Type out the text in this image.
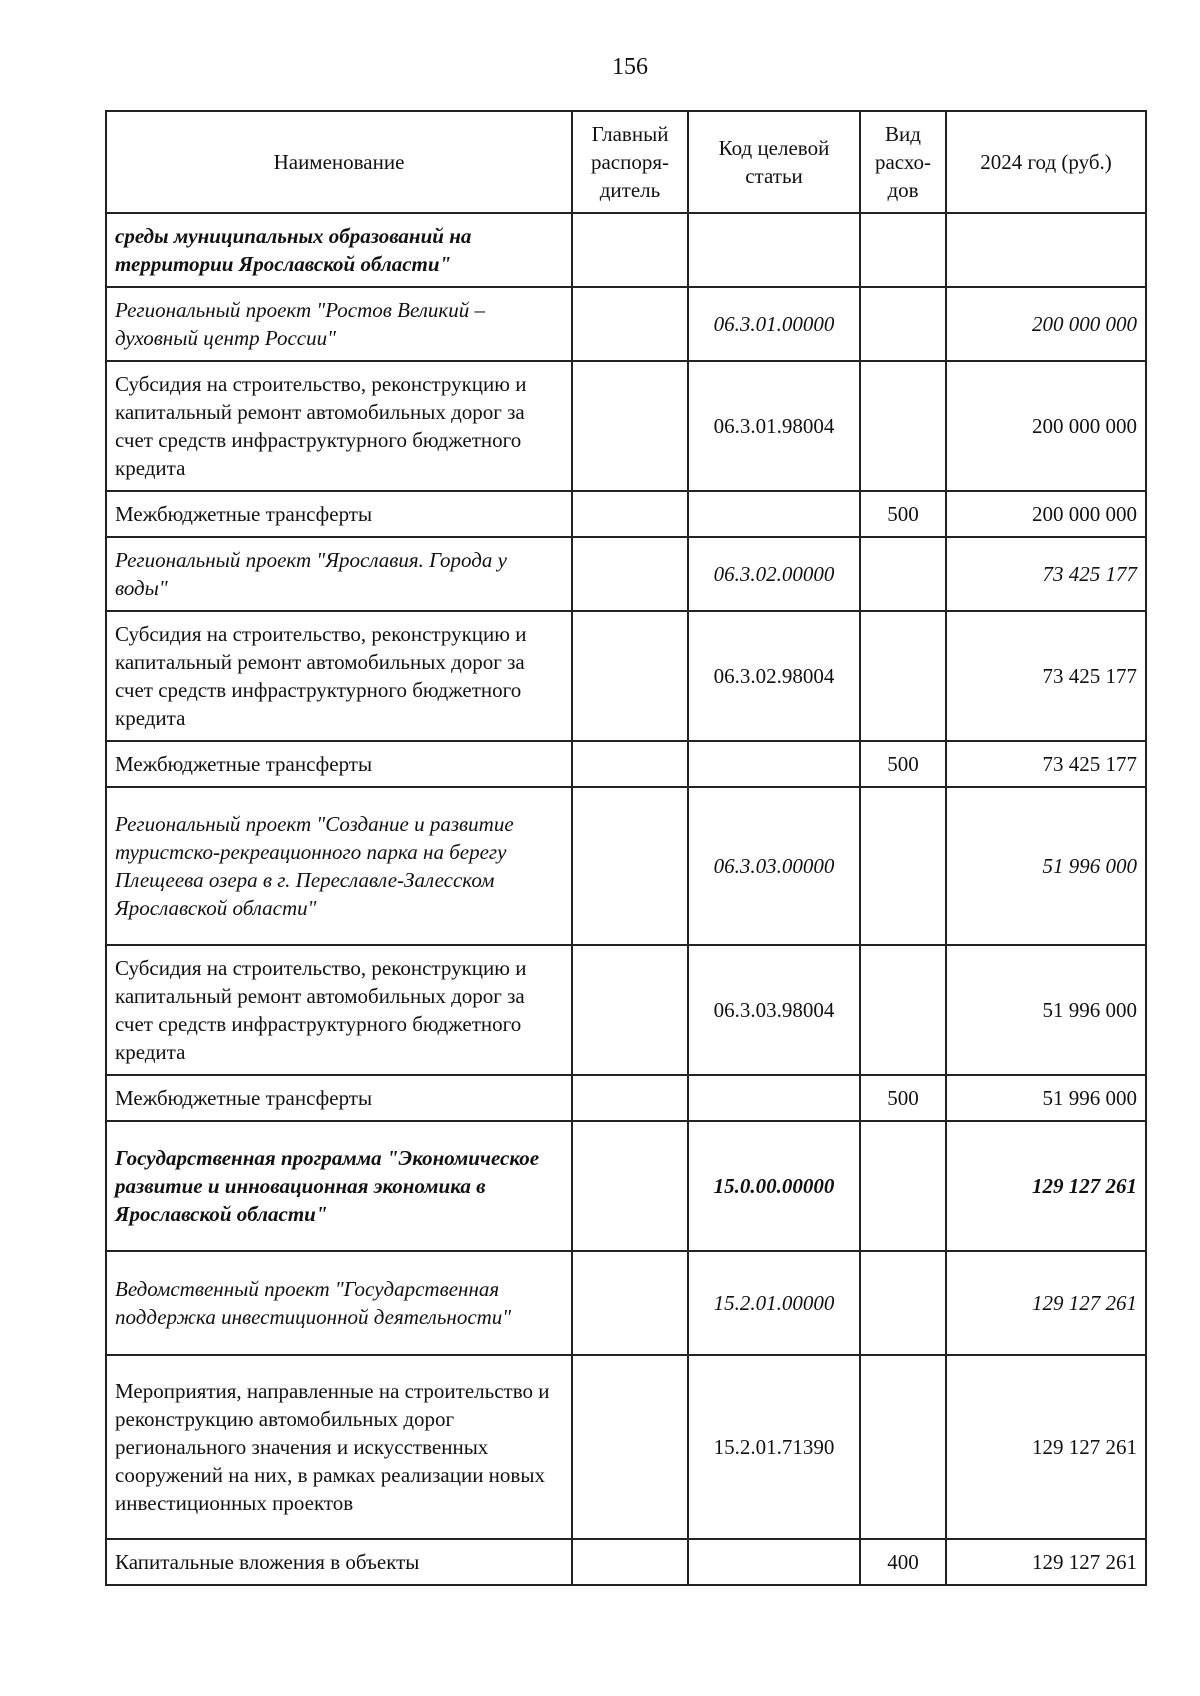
156
Наименование	Главный распоря-дитель	Код целевой статьи	Вид расхо-дов	2024 год (руб.)
среды муниципальных образований на территории Ярославской области"				
Региональный проект "Ростов Великий – духовный центр России"		06.3.01.00000		200 000 000
Субсидия на строительство, реконструкцию и капитальный ремонт автомобильных дорог за счет средств инфраструктурного бюджетного кредита		06.3.01.98004		200 000 000
Межбюджетные трансферты			500	200 000 000
Региональный проект "Ярославия. Города у воды"		06.3.02.00000		73 425 177
Субсидия на строительство, реконструкцию и капитальный ремонт автомобильных дорог за счет средств инфраструктурного бюджетного кредита		06.3.02.98004		73 425 177
Межбюджетные трансферты			500	73 425 177
Региональный проект "Создание и развитие туристско-рекреационного парка на берегу Плещеева озера в г. Переславле-Залесском Ярославской области"		06.3.03.00000		51 996 000
Субсидия на строительство, реконструкцию и капитальный ремонт автомобильных дорог за счет средств инфраструктурного бюджетного кредита		06.3.03.98004		51 996 000
Межбюджетные трансферты			500	51 996 000
Государственная программа "Экономическое развитие и инновационная экономика в Ярославской области"		15.0.00.00000		129 127 261
Ведомственный проект "Государственная поддержка инвестиционной деятельности"		15.2.01.00000		129 127 261
Мероприятия, направленные на строительство и реконструкцию автомобильных дорог регионального значения и искусственных сооружений на них, в рамках реализации новых инвестиционных проектов		15.2.01.71390		129 127 261
Капитальные вложения в объекты			400	129 127 261
